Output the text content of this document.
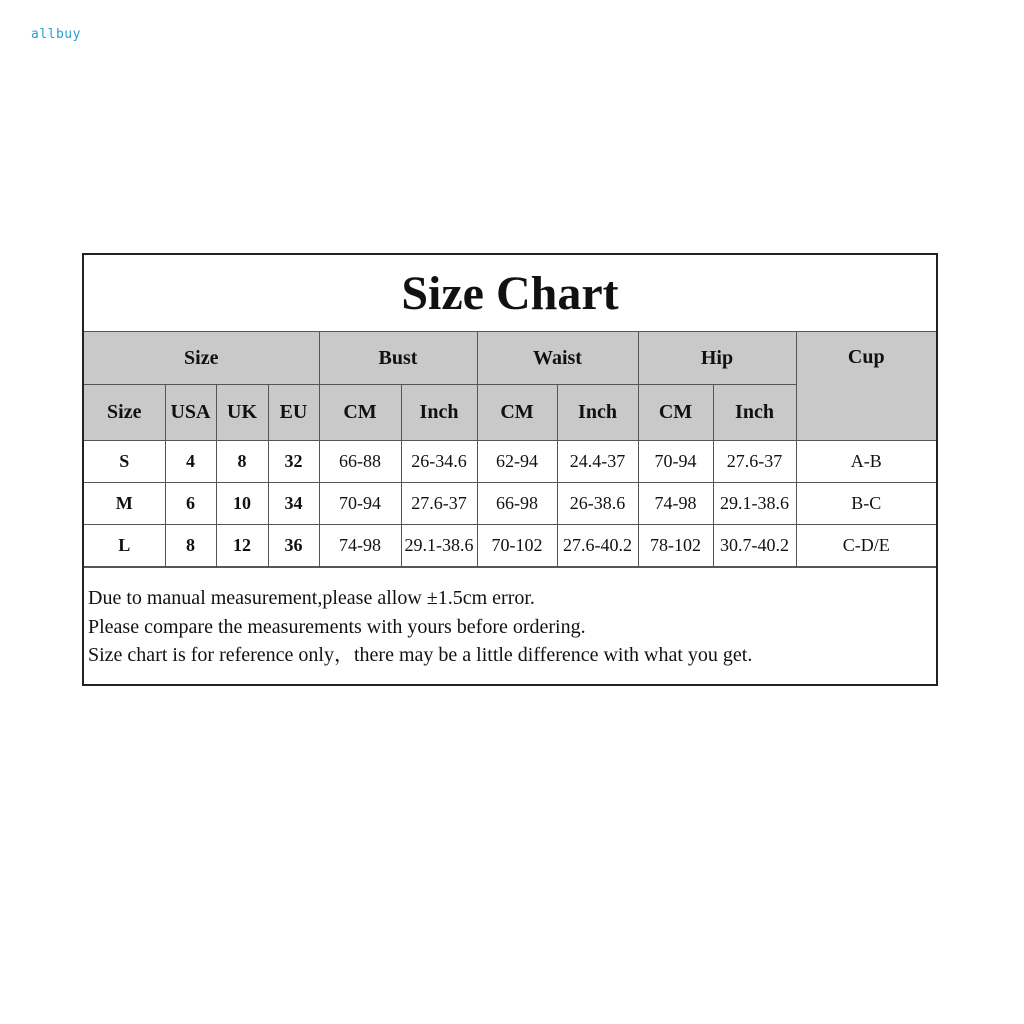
allbuy
Size Chart
Size				Bust		Waist		Hip		Cup
Size	USA	UK	EU	CM	Inch	CM	Inch	CM	Inch	
S	4	8	32	66-88	26-34.6	62-94	24.4-37	70-94	27.6-37	A-B
M	6	10	34	70-94	27.6-37	66-98	26-38.6	74-98	29.1-38.6	B-C
L	8	12	36	74-98	29.1-38.6	70-102	27.6-40.2	78-102	30.7-40.2	C-D/E
Due to manual measurement,please allow ±1.5cm error.
Please compare the measurements with yours before ordering.
Size chart is for reference only，there may be a little difference with what you get.
